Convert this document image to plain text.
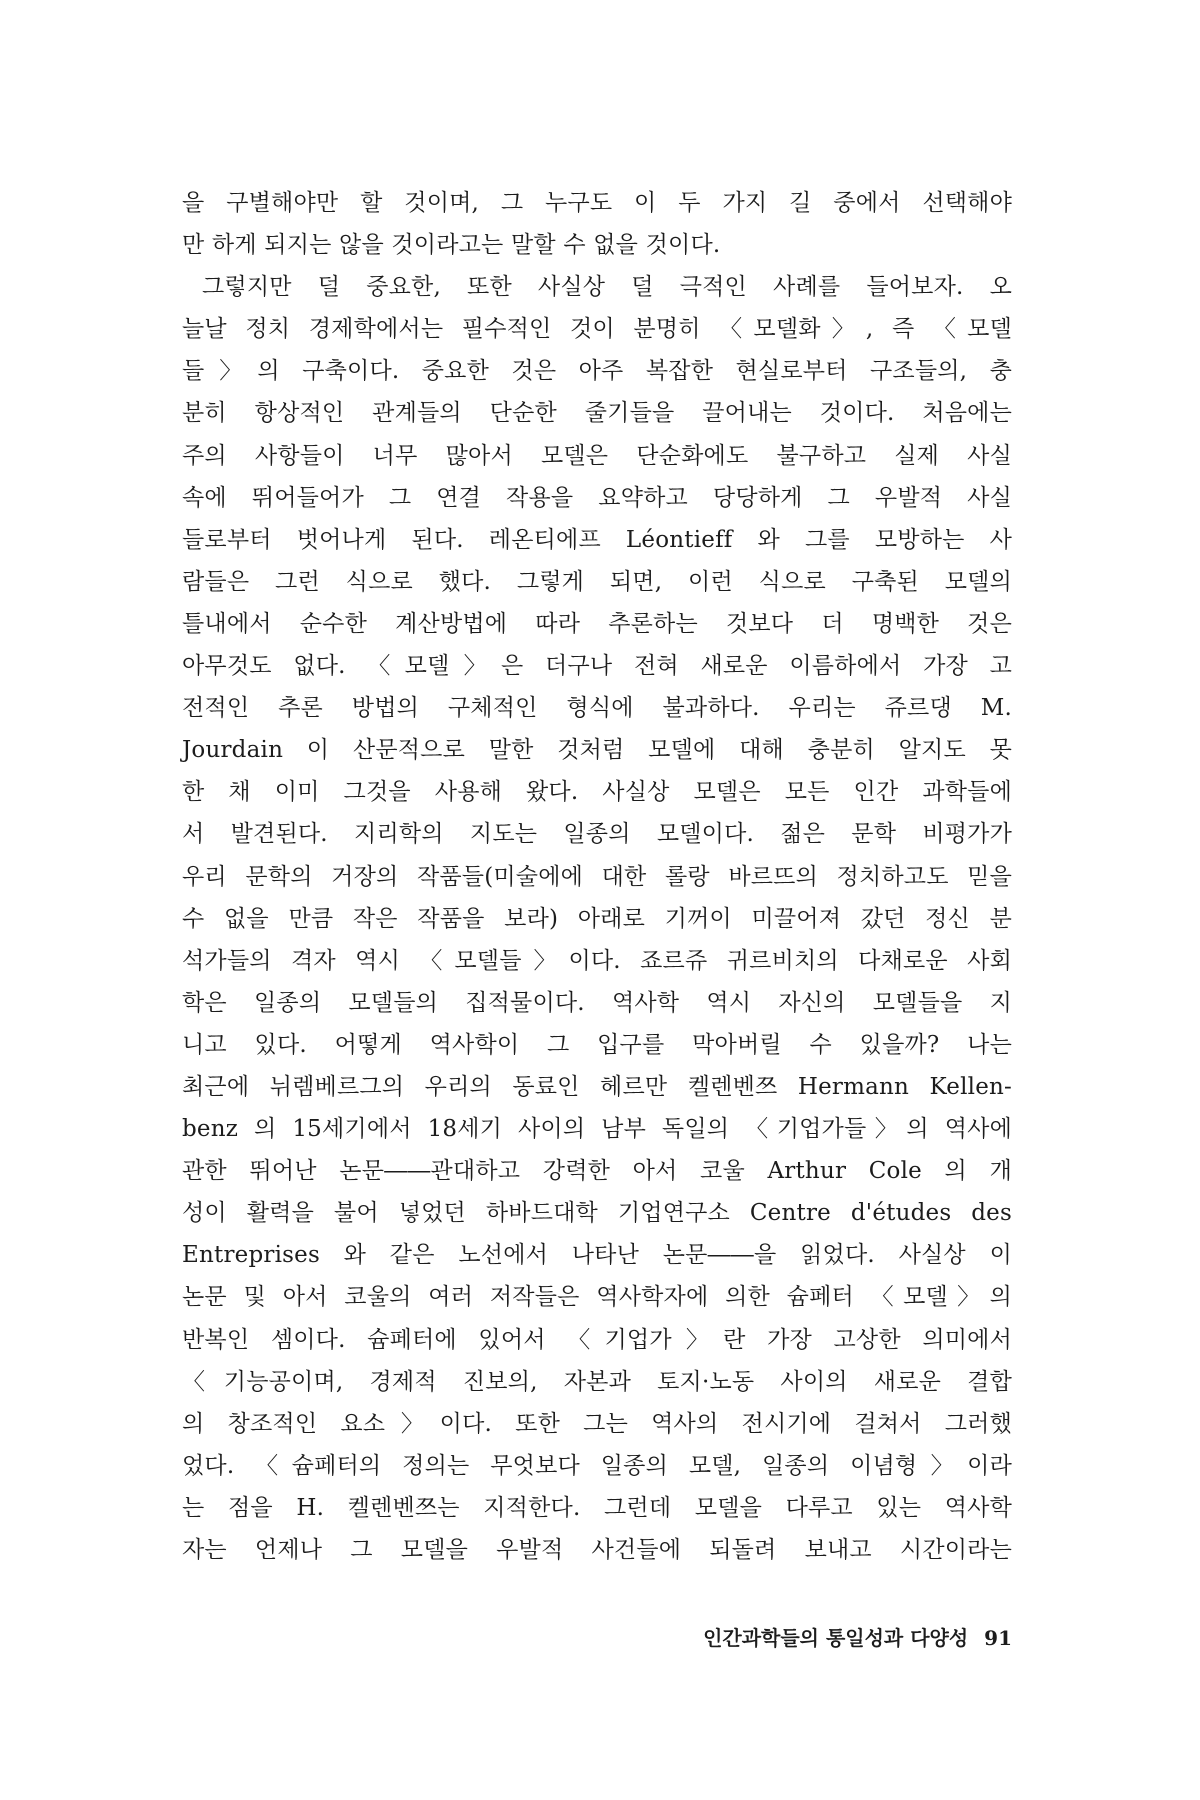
을 구별해야만 할 것이며, 그 누구도 이 두 가지 길 중에서 선택해야
만 하게 되지는 않을 것이라고는 말할 수 없을 것이다.
그렇지만 덜 중요한, 또한 사실상 덜 극적인 사례를 들어보자. 오
늘날 정치 경제학에서는 필수적인 것이 분명히 〈모델화〉, 즉 〈모델
들〉의 구축이다. 중요한 것은 아주 복잡한 현실로부터 구조들의, 충
분히 항상적인 관계들의 단순한 줄기들을 끌어내는 것이다. 처음에는
주의 사항들이 너무 많아서 모델은 단순화에도 불구하고 실제 사실
속에 뛰어들어가 그 연결 작용을 요약하고 당당하게 그 우발적 사실
들로부터 벗어나게 된다. 레온티에프 Léontieff 와 그를 모방하는 사
람들은 그런 식으로 했다. 그렇게 되면, 이런 식으로 구축된 모델의
틀내에서 순수한 계산방법에 따라 추론하는 것보다 더 명백한 것은
아무것도 없다. 〈모델〉은 더구나 전혀 새로운 이름하에서 가장 고
전적인 추론 방법의 구체적인 형식에 불과하다. 우리는 쥬르댕 M.
Jourdain 이 산문적으로 말한 것처럼 모델에 대해 충분히 알지도 못
한 채 이미 그것을 사용해 왔다. 사실상 모델은 모든 인간 과학들에
서 발견된다. 지리학의 지도는 일종의 모델이다. 젊은 문학 비평가가
우리 문학의 거장의 작품들(미술에에 대한 롤랑 바르뜨의 정치하고도 믿을
수 없을 만큼 작은 작품을 보라) 아래로 기꺼이 미끌어져 갔던 정신 분
석가들의 격자 역시 〈모델들〉이다. 죠르쥬 귀르비치의 다채로운 사회
학은 일종의 모델들의 집적물이다. 역사학 역시 자신의 모델들을 지
니고 있다. 어떻게 역사학이 그 입구를 막아버릴 수 있을까? 나는
최근에 뉘렘베르그의 우리의 동료인 헤르만 켈렌벤쯔 Hermann Kellen-
benz 의 15세기에서 18세기 사이의 남부 독일의 〈기업가들〉의 역사에
관한 뛰어난 논문――관대하고 강력한 아서 코울 Arthur Cole 의 개
성이 활력을 불어 넣었던 하바드대학 기업연구소 Centre d'études des
Entreprises 와 같은 노선에서 나타난 논문――을 읽었다. 사실상 이
논문 및 아서 코울의 여러 저작들은 역사학자에 의한 슘페터 〈모델〉의
반복인 셈이다. 슘페터에 있어서 〈기업가〉란 가장 고상한 의미에서
〈기능공이며, 경제적 진보의, 자본과 토지·노동 사이의 새로운 결합
의 창조적인 요소〉이다. 또한 그는 역사의 전시기에 걸쳐서 그러했
었다. 〈슘페터의 정의는 무엇보다 일종의 모델, 일종의 이념형〉이라
는 점을 H. 켈렌벤쯔는 지적한다. 그런데 모델을 다루고 있는 역사학
자는 언제나 그 모델을 우발적 사건들에 되돌려 보내고 시간이라는
인간과학들의 통일성과 다양성 91
